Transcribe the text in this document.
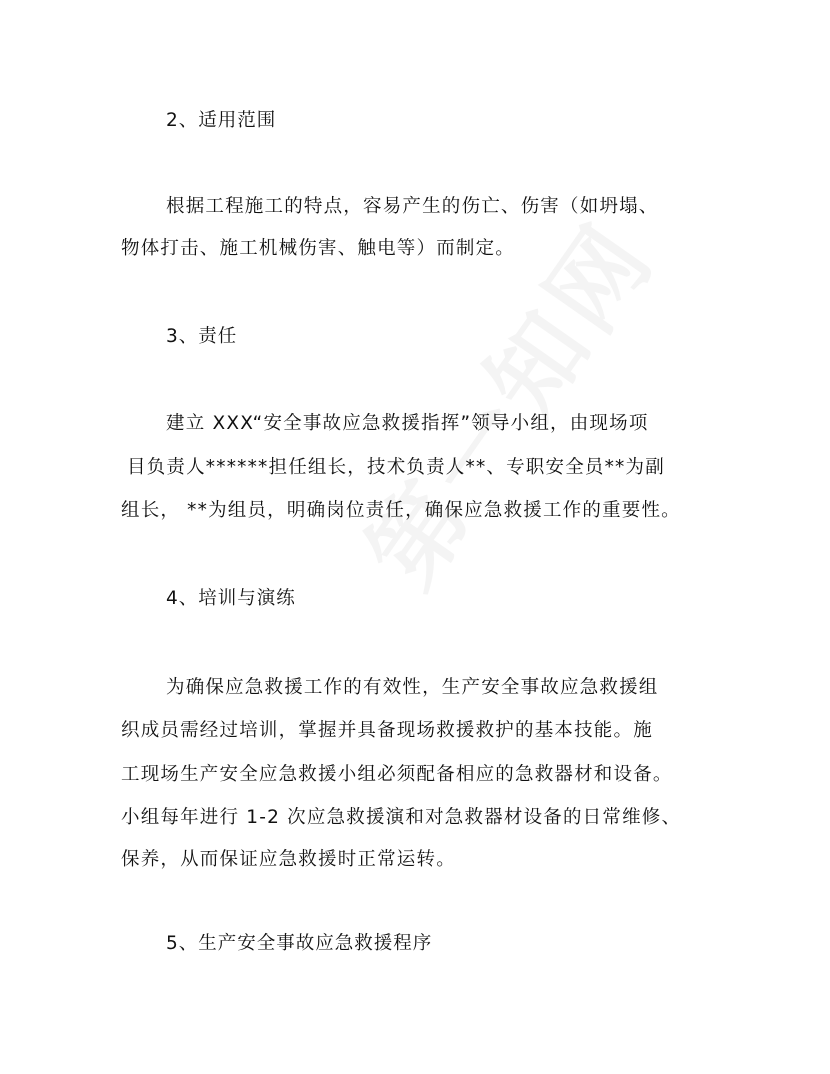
2、适用范围
根据工程施工的特点，容易产生的伤亡、伤害（如坍塌、
物体打击、施工机械伤害、触电等）而制定。
3、责任
建立 XXX“安全事故应急救援指挥”领导小组，由现场项
目负责人******担任组长，技术负责人**、专职安全员**为副
组长， **为组员，明确岗位责任，确保应急救援工作的重要性。
4、培训与演练
为确保应急救援工作的有效性，生产安全事故应急救援组
织成员需经过培训，掌握并具备现场救援救护的基本技能。施
工现场生产安全应急救援小组必须配备相应的急救器材和设备。
小组每年进行 1-2 次应急救援演和对急救器材设备的日常维修、
保养，从而保证应急救援时正常运转。
5、生产安全事故应急救援程序
